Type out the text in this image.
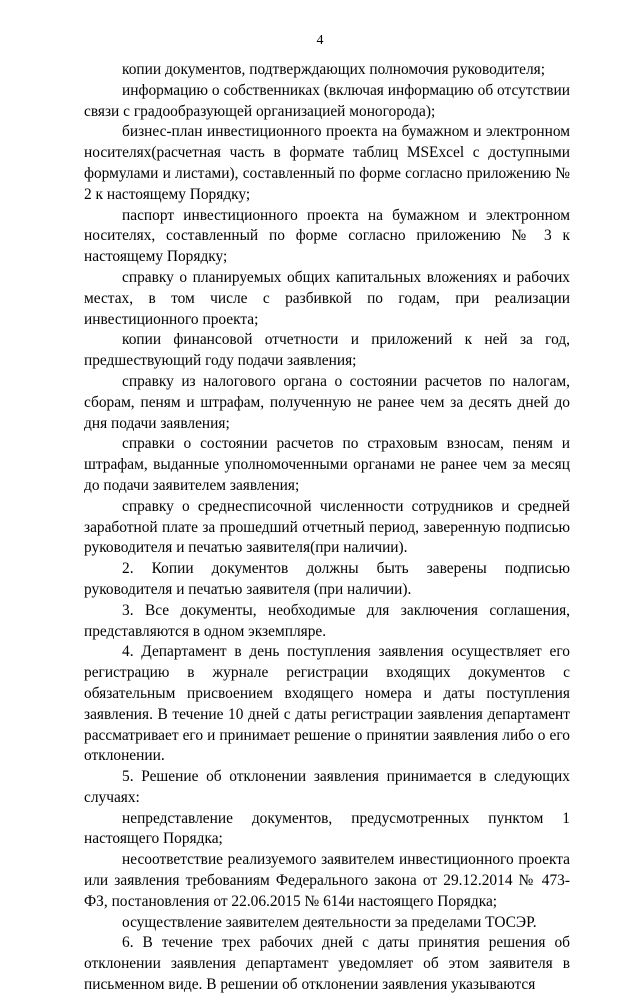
4

копии документов, подтверждающих полномочия руководителя;

информацию о собственниках (включая информацию об отсутствии связи с градообразующей организацией моногорода);

бизнес-план инвестиционного проекта на бумажном и электронном носителях(расчетная часть в формате таблиц MSExcel с доступными формулами и листами), составленный по форме согласно приложению № 2 к настоящему Порядку;

паспорт инвестиционного проекта на бумажном и электронном носителях, составленный по форме согласно приложению № 3 к настоящему Порядку;

справку о планируемых общих капитальных вложениях и рабочих местах, в том числе с разбивкой по годам, при реализации инвестиционного проекта;

копии финансовой отчетности и приложений к ней за год, предшествующий году подачи заявления;

справку из налогового органа о состоянии расчетов по налогам, сборам, пеням и штрафам, полученную не ранее чем за десять дней до дня подачи заявления;

справки о состоянии расчетов по страховым взносам, пеням и штрафам, выданные уполномоченными органами не ранее чем за месяц до подачи заявителем заявления;

справку о среднесписочной численности сотрудников и средней заработной плате за прошедший отчетный период, заверенную подписью руководителя и печатью заявителя(при наличии).

2. Копии документов должны быть заверены подписью руководителя и печатью заявителя (при наличии).

3. Все документы, необходимые для заключения соглашения, представляются в одном экземпляре.

4. Департамент в день поступления заявления осуществляет его регистрацию в журнале регистрации входящих документов с обязательным присвоением входящего номера и даты поступления заявления. В течение 10 дней с даты регистрации заявления департамент рассматривает его и принимает решение о принятии заявления либо о его отклонении.

5. Решение об отклонении заявления принимается в следующих случаях:

непредставление документов, предусмотренных пунктом 1 настоящего Порядка;

несоответствие реализуемого заявителем инвестиционного проекта или заявления требованиям Федерального закона от 29.12.2014 № 473-ФЗ, постановления от 22.06.2015 № 614и настоящего Порядка;

осуществление заявителем деятельности за пределами ТОСЭР.

6. В течение трех рабочих дней с даты принятия решения об отклонении заявления департамент уведомляет об этом заявителя в письменном виде. В решении об отклонении заявления указываются
